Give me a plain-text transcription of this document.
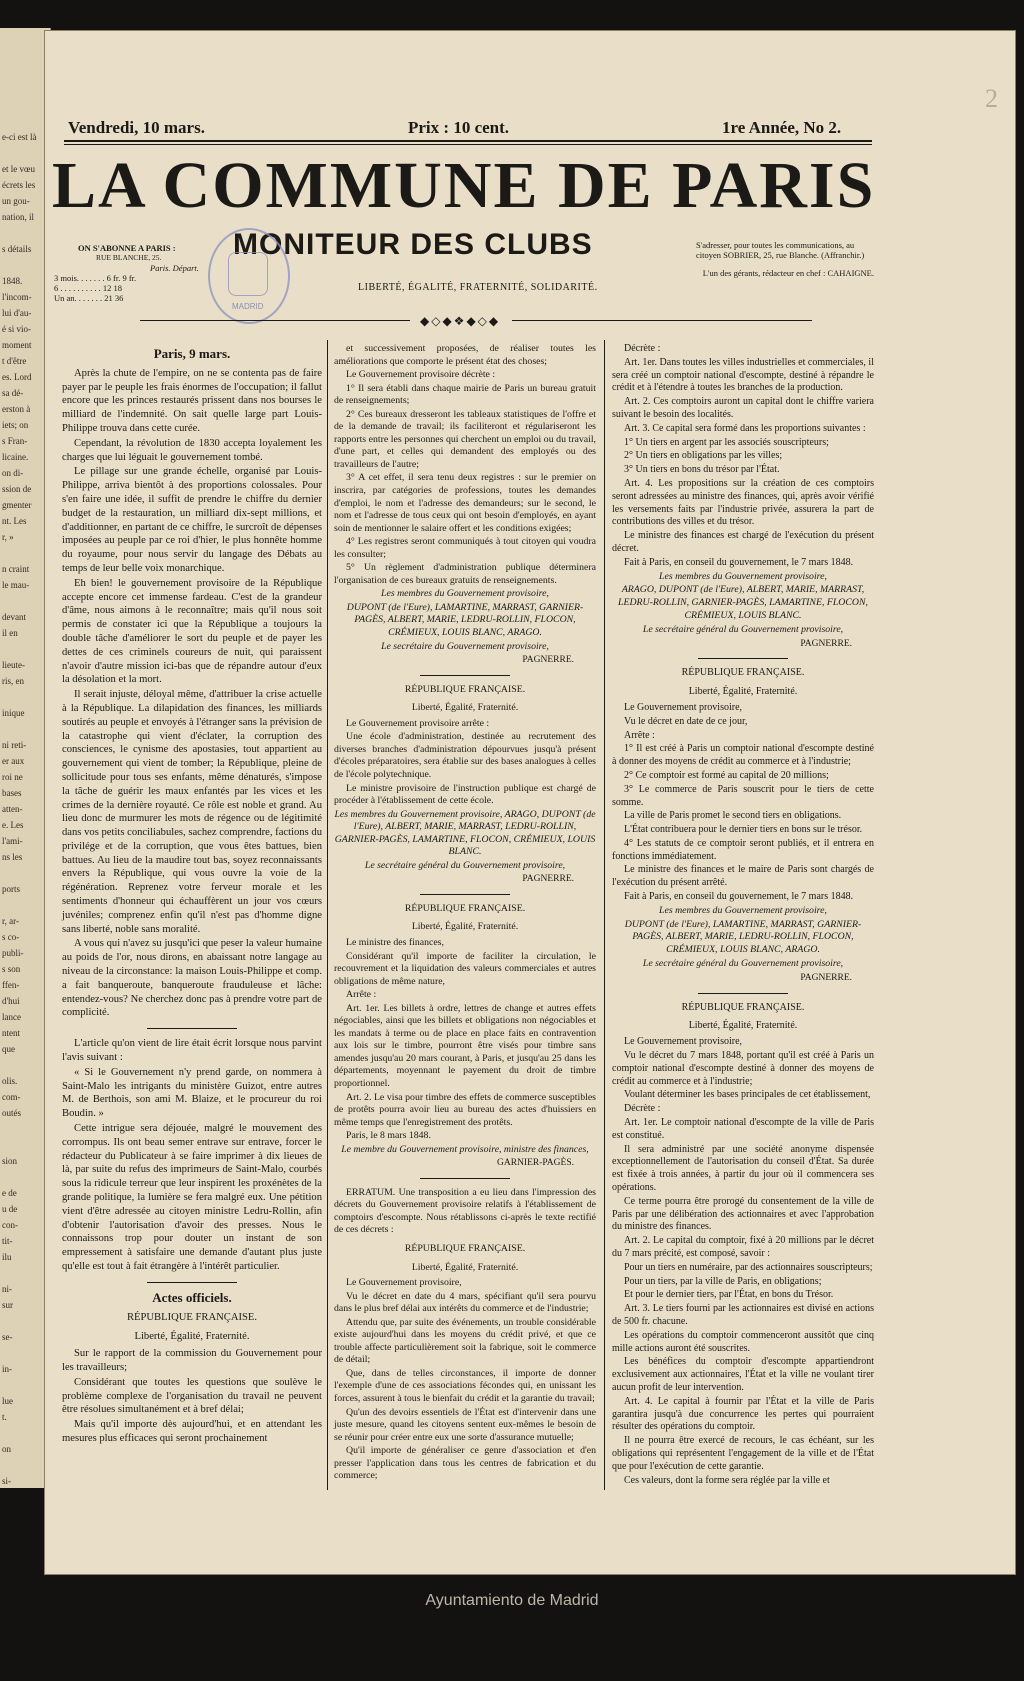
e-ci est là
et le vœu
écrets les
un gou-
nation, il
s détails
1848.
l'incom-
lui d'au-
é si vio-
moment
t d'être
es. Lord
sa dé-
erston à
iets; on
s Fran-
licaine.
on di-
ssion de
gmenter
nt. Les
r, »
n craint
le mau-
devant
il en
lieute-
ris, en
inique
ni reti-
er aux
roi ne
bases
atten-
e. Les
l'ami-
ns les
ports
r, ar-
s co-
publi-
s son
ffen-
d'hui
lance
ntent
que
olis.
com-
outés
sion
e de
u de
con-
tit-
ilu
ni-
sur
se-
in-
lue
t.
on
si-
2
Vendredi, 10 mars.	Prix : 10 cent.	1re Année, No 2.
LA COMMUNE DE PARIS
MONITEUR DES CLUBS
LIBERTÉ, ÉGALITÉ, FRATERNITÉ, SOLIDARITÉ.
ON S'ABONNE A PARIS :
RUE BLANCHE, 25.
Paris. Départ.
3 mois. . . . . . . 6 fr. 9 fr.
6 . . . . . . . . . . 12 18
Un an. . . . . . . 21 36
S'adresser, pour toutes les communications, au citoyen SOBRIER, 25, rue Blanche. (Affranchir.)
L'un des gérants, rédacteur en chef : CAHAIGNE.
MADRID
◆◇◆❖◆◇◆

Paris, 9 mars.

Après la chute de l'empire, on ne se contenta pas de faire payer par le peuple les frais énormes de l'occupation; il fallut encore que les princes restaurés prissent dans nos bourses le milliard de l'indemnité. On sait quelle large part Louis-Philippe trouva dans cette curée.

Cependant, la révolution de 1830 accepta loyalement les charges que lui léguait le gouvernement tombé.

Le pillage sur une grande échelle, organisé par Louis-Philippe, arriva bientôt à des proportions colossales. Pour s'en faire une idée, il suffit de prendre le chiffre du dernier budget de la restauration, un milliard dix-sept millions, et d'additionner, en partant de ce chiffre, le surcroît de dépenses imposées au peuple par ce roi d'hier, le plus honnête homme du royaume, pour nous servir du langage des Débats au temps de leur belle voix monarchique.

Eh bien! le gouvernement provisoire de la République accepte encore cet immense fardeau. C'est de la grandeur d'âme, nous aimons à le reconnaître; mais qu'il nous soit permis de constater ici que la République a toujours la double tâche d'améliorer le sort du peuple et de payer les dettes de ces criminels coureurs de nuit, qui paraissent n'avoir d'autre mission ici-bas que de répandre autour d'eux la désolation et la mort.

Il serait injuste, déloyal même, d'attribuer la crise actuelle à la République. La dilapidation des finances, les milliards soutirés au peuple et envoyés à l'étranger sans la prévision de la catastrophe qui vient d'éclater, la corruption des consciences, le cynisme des apostasies, tout appartient au gouvernement qui vient de tomber; la République, pleine de sollicitude pour tous ses enfants, même dénaturés, s'impose la tâche de guérir les maux enfantés par les vices et les crimes de la dernière royauté. Ce rôle est noble et grand. Au lieu donc de murmurer les mots de régence ou de légitimité dans vos petits conciliabules, sachez comprendre, factions du privilége et de la corruption, que vous êtes battues, bien battues. Au lieu de la maudire tout bas, soyez reconnaissants envers la République, qui vous ouvre la voie de la régénération. Reprenez votre ferveur morale et les sentiments d'honneur qui échauffèrent un jour vos cœurs juvéniles; comprenez enfin qu'il n'est pas d'homme digne sans liberté, noble sans moralité.

A vous qui n'avez su jusqu'ici que peser la valeur humaine au poids de l'or, nous dirons, en abaissant notre langage au niveau de la circonstance: la maison Louis-Philippe et comp. a fait banqueroute, banqueroute frauduleuse et lâche: entendez-vous? Ne cherchez donc pas à prendre votre part de complicité.

L'article qu'on vient de lire était écrit lorsque nous parvint l'avis suivant :

« Si le Gouvernement n'y prend garde, on nommera à Saint-Malo les intrigants du ministère Guizot, entre autres M. de Berthois, son ami M. Blaize, et le procureur du roi Boudin. »

Cette intrigue sera déjouée, malgré le mouvement des corrompus. Ils ont beau semer entrave sur entrave, forcer le rédacteur du Publicateur à se faire imprimer à dix lieues de là, par suite du refus des imprimeurs de Saint-Malo, courbés sous la ridicule terreur que leur inspirent les proxénètes de la grande politique, la lumière se fera malgré eux. Une pétition vient d'être adressée au citoyen ministre Ledru-Rollin, afin d'obtenir l'autorisation d'avoir des presses. Nous le connaissons trop pour douter un instant de son empressement à satisfaire une demande d'autant plus juste qu'elle est tout à fait étrangère à l'intérêt particulier.

Actes officiels.

RÉPUBLIQUE FRANÇAISE.

Liberté, Égalité, Fraternité.

Sur le rapport de la commission du Gouvernement pour les travailleurs;

Considérant que toutes les questions que soulève le problème complexe de l'organisation du travail ne peuvent être résolues simultanément et à bref délai;

Mais qu'il importe dès aujourd'hui, et en attendant les mesures plus efficaces qui seront prochainement

et successivement proposées, de réaliser toutes les améliorations que comporte le présent état des choses;

Le Gouvernement provisoire décrète :

1° Il sera établi dans chaque mairie de Paris un bureau gratuit de renseignements;

2° Ces bureaux dresseront les tableaux statistiques de l'offre et de la demande de travail; ils faciliteront et régulariseront les rapports entre les personnes qui cherchent un emploi ou du travail, d'une part, et celles qui demandent des employés ou des travailleurs de l'autre;

3° A cet effet, il sera tenu deux registres : sur le premier on inscrira, par catégories de professions, toutes les demandes d'emploi, le nom et l'adresse des demandeurs; sur le second, le nom et l'adresse de tous ceux qui ont besoin d'employés, en ayant soin de mentionner le salaire offert et les conditions exigées;

4° Les registres seront communiqués à tout citoyen qui voudra les consulter;

5° Un règlement d'administration publique déterminera l'organisation de ces bureaux gratuits de renseignements.

Les membres du Gouvernement provisoire,

DUPONT (de l'Eure), LAMARTINE, MARRAST, GARNIER-PAGÈS, ALBERT, MARIE, LEDRU-ROLLIN, FLOCON, CRÉMIEUX, LOUIS BLANC, ARAGO.

Le secrétaire du Gouvernement provisoire,

PAGNERRE.

RÉPUBLIQUE FRANÇAISE.

Liberté, Égalité, Fraternité.

Le Gouvernement provisoire arrête :

Une école d'administration, destinée au recrutement des diverses branches d'administration dépourvues jusqu'à présent d'écoles préparatoires, sera établie sur des bases analogues à celles de l'école polytechnique.

Le ministre provisoire de l'instruction publique est chargé de procéder à l'établissement de cette école.

Les membres du Gouvernement provisoire, ARAGO, DUPONT (de l'Eure), ALBERT, MARIE, MARRAST, LEDRU-ROLLIN, GARNIER-PAGÈS, LAMARTINE, FLOCON, CRÉMIEUX, LOUIS BLANC.

Le secrétaire général du Gouvernement provisoire,

PAGNERRE.

RÉPUBLIQUE FRANÇAISE.

Liberté, Égalité, Fraternité.

Le ministre des finances,

Considérant qu'il importe de faciliter la circulation, le recouvrement et la liquidation des valeurs commerciales et autres obligations de même nature,

Arrête :

Art. 1er. Les billets à ordre, lettres de change et autres effets négociables, ainsi que les billets et obligations non négociables et les mandats à terme ou de place en place faits en contravention aux lois sur le timbre, pourront être visés pour timbre sans amendes jusqu'au 20 mars courant, à Paris, et jusqu'au 25 dans les départements, moyennant le payement du droit de timbre proportionnel.

Art. 2. Le visa pour timbre des effets de commerce susceptibles de protêts pourra avoir lieu au bureau des actes d'huissiers en même temps que l'enregistrement des protêts.

Paris, le 8 mars 1848.

Le membre du Gouvernement provisoire, ministre des finances,

GARNIER-PAGÈS.

ERRATUM. Une transposition a eu lieu dans l'impression des décrets du Gouvernement provisoire relatifs à l'établissement de comptoirs d'escompte. Nous rétablissons ci-après le texte rectifié de ces décrets :

RÉPUBLIQUE FRANÇAISE.

Liberté, Égalité, Fraternité.

Le Gouvernement provisoire,

Vu le décret en date du 4 mars, spécifiant qu'il sera pourvu dans le plus bref délai aux intérêts du commerce et de l'industrie;

Attendu que, par suite des événements, un trouble considérable existe aujourd'hui dans les moyens du crédit privé, et que ce trouble affecte particulièrement soit la fabrique, soit le commerce de détail;

Que, dans de telles circonstances, il importe de donner l'exemple d'une de ces associations fécondes qui, en unissant les forces, assurent à tous le bienfait du crédit et la garantie du travail;

Qu'un des devoirs essentiels de l'État est d'intervenir dans une juste mesure, quand les citoyens sentent eux-mêmes le besoin de se réunir pour créer entre eux une sorte d'assurance mutuelle;

Qu'il importe de généraliser ce genre d'association et d'en presser l'application dans tous les centres de fabrication et du commerce;

Décrète :

Art. 1er. Dans toutes les villes industrielles et commerciales, il sera créé un comptoir national d'escompte, destiné à répandre le crédit et à l'étendre à toutes les branches de la production.

Art. 2. Ces comptoirs auront un capital dont le chiffre variera suivant le besoin des localités.

Art. 3. Ce capital sera formé dans les proportions suivantes :

1° Un tiers en argent par les associés souscripteurs;

2° Un tiers en obligations par les villes;

3° Un tiers en bons du trésor par l'État.

Art. 4. Les propositions sur la création de ces comptoirs seront adressées au ministre des finances, qui, après avoir vérifié les versements faits par l'industrie privée, assurera la part de contributions des villes et du trésor.

Le ministre des finances est chargé de l'exécution du présent décret.

Fait à Paris, en conseil du gouvernement, le 7 mars 1848.

Les membres du Gouvernement provisoire,

ARAGO, DUPONT (de l'Eure), ALBERT, MARIE, MARRAST, LEDRU-ROLLIN, GARNIER-PAGÈS, LAMARTINE, FLOCON, CRÉMIEUX, LOUIS BLANC.

Le secrétaire général du Gouvernement provisoire,

PAGNERRE.

RÉPUBLIQUE FRANÇAISE.

Liberté, Égalité, Fraternité.

Le Gouvernement provisoire,

Vu le décret en date de ce jour,

Arrête :

1° Il est créé à Paris un comptoir national d'escompte destiné à donner des moyens de crédit au commerce et à l'industrie;

2° Ce comptoir est formé au capital de 20 millions;

3° Le commerce de Paris souscrit pour le tiers de cette somme.

La ville de Paris promet le second tiers en obligations.

L'État contribuera pour le dernier tiers en bons sur le trésor.

4° Les statuts de ce comptoir seront publiés, et il entrera en fonctions immédiatement.

Le ministre des finances et le maire de Paris sont chargés de l'exécution du présent arrêté.

Fait à Paris, en conseil du gouvernement, le 7 mars 1848.

Les membres du Gouvernement provisoire,

DUPONT (de l'Eure), LAMARTINE, MARRAST, GARNIER-PAGÈS, ALBERT, MARIE, LEDRU-ROLLIN, FLOCON, CRÉMIEUX, LOUIS BLANC, ARAGO.

Le secrétaire général du Gouvernement provisoire,

PAGNERRE.

RÉPUBLIQUE FRANÇAISE.

Liberté, Égalité, Fraternité.

Le Gouvernement provisoire,

Vu le décret du 7 mars 1848, portant qu'il est créé à Paris un comptoir national d'escompte destiné à donner des moyens de crédit au commerce et à l'industrie;

Voulant déterminer les bases principales de cet établissement,

Décrète :

Art. 1er. Le comptoir national d'escompte de la ville de Paris est constitué.

Il sera administré par une société anonyme dispensée exceptionnellement de l'autorisation du conseil d'État. Sa durée est fixée à trois années, à partir du jour où il commencera ses opérations.

Ce terme pourra être prorogé du consentement de la ville de Paris par une délibération des actionnaires et avec l'approbation du ministre des finances.

Art. 2. Le capital du comptoir, fixé à 20 millions par le décret du 7 mars précité, est composé, savoir :

Pour un tiers en numéraire, par des actionnaires souscripteurs;

Pour un tiers, par la ville de Paris, en obligations;

Et pour le dernier tiers, par l'État, en bons du Trésor.

Art. 3. Le tiers fourni par les actionnaires est divisé en actions de 500 fr. chacune.

Les opérations du comptoir commenceront aussitôt que cinq mille actions auront été souscrites.

Les bénéfices du comptoir d'escompte appartiendront exclusivement aux actionnaires, l'État et la ville ne voulant tirer aucun profit de leur intervention.

Art. 4. Le capital à fournir par l'État et la ville de Paris garantira jusqu'à due concurrence les pertes qui pourraient résulter des opérations du comptoir.

Il ne pourra être exercé de recours, le cas échéant, sur les obligations qui représentent l'engagement de la ville et de l'État que pour l'exécution de cette garantie.

Ces valeurs, dont la forme sera réglée par la ville et

Ayuntamiento de Madrid
